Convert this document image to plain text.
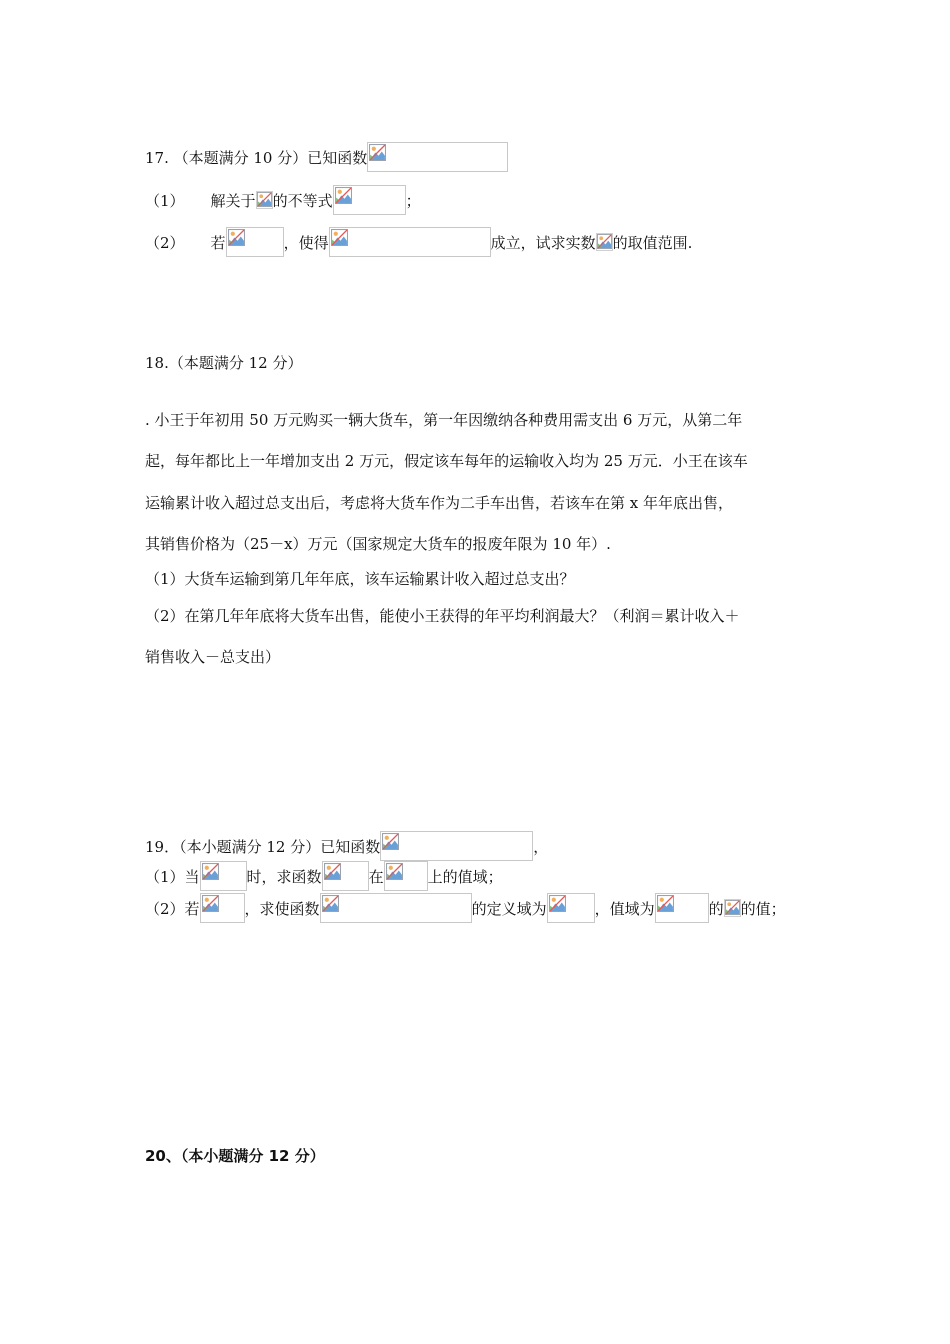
17. （本题满分 10 分）已知函数
（1） 解关于 的不等式	；
（2） 若	，使得	成立，试求实数 的取值范围.
18.（本题满分 12 分）
. 小王于年初用 50 万元购买一辆大货车，第一年因缴纳各种费用需支出 6 万元，从第二年
起，每年都比上一年增加支出 2 万元，假定该车每年的运输收入均为 25 万元．小王在该车
运输累计收入超过总支出后，考虑将大货车作为二手车出售，若该车在第 x 年年底出售，
其销售价格为（25－x）万元（国家规定大货车的报废年限为 10 年）.
（1）大货车运输到第几年年底，该车运输累计收入超过总支出？
（2）在第几年年底将大货车出售，能使小王获得的年平均利润最大？（利润＝累计收入＋
销售收入－总支出）
19．（本小题满分 12 分）已知函数	，
（1）当	时，求函数	在	上的值域；
（2）若	，求使函数	的定义域为	，值域为	的 的值；
20、（本小题满分 12 分）
